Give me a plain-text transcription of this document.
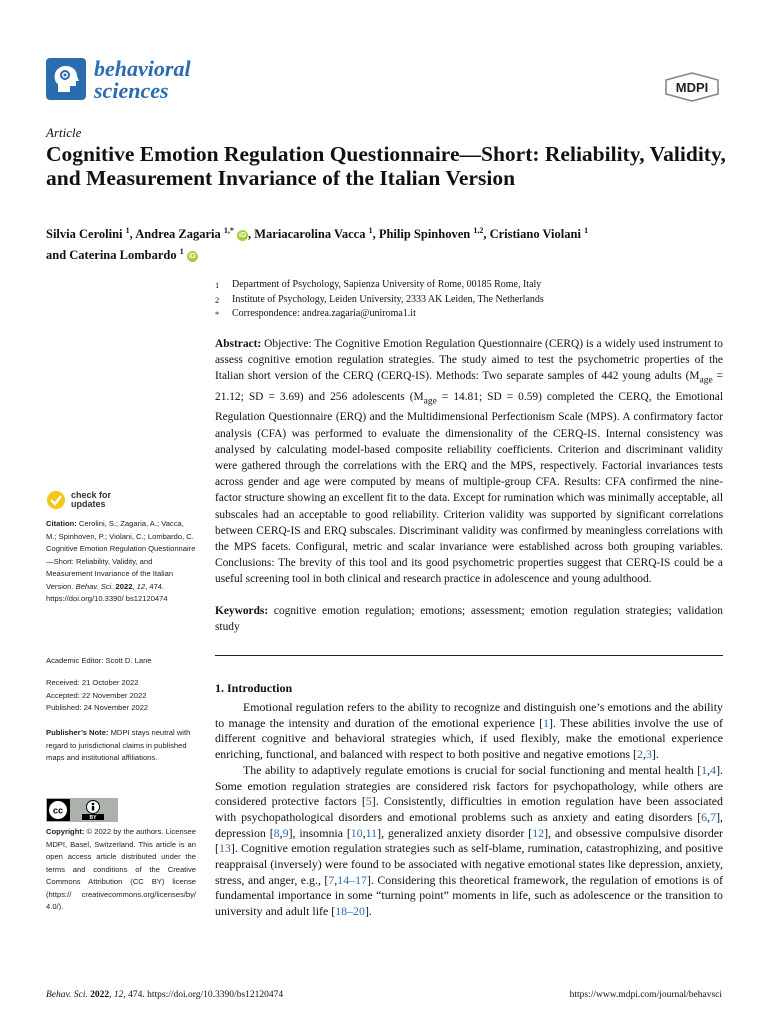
behavioral
sciences	MDPI
Article
Cognitive Emotion Regulation Questionnaire—Short: Reliability, Validity, and Measurement Invariance of the Italian Version
Silvia Cerolini $^1$, Andrea Zagaria $^{1,*}$ iD , Mariacarolina Vacca $^1$, Philip Spinhoven $^{1,2}$, Cristiano Violani $^1$
and Caterina Lombardo $^1$ iD
1	Department of Psychology, Sapienza University of Rome, 00185 Rome, Italy
2	Institute of Psychology, Leiden University, 2333 AK Leiden, The Netherlands
*	Correspondence: andrea.zagaria@uniroma1.it
Abstract: Objective: The Cognitive Emotion Regulation Questionnaire (CERQ) is a widely used instrument to assess cognitive emotion regulation strategies. The study aimed to test the psychometric properties of the Italian short version of the CERQ (CERQ-IS). Methods: Two separate samples of 442 young adults ($M_{age} = 21.12$; SD = 3.69) and 256 adolescents ($M_{age} = 14.81$; SD = 0.59) completed the CERQ, the Emotional Regulation Questionnaire (ERQ) and the Multidimensional Perfectionism Scale (MPS). A confirmatory factor analysis (CFA) was performed to evaluate the dimensionality of the CERQ-IS. Internal consistency was analysed by calculating model-based composite reliability coefficients. Criterion and discriminant validity were gathered through the correlations with the ERQ and the MPS, respectively. Factorial invariances tests across gender and age were computed by means of multiple-group CFA. Results: CFA confirmed the nine-factor structure showing an excellent fit to the data. Except for rumination which was minimally acceptable, all subscales had an acceptable to good reliability. Criterion validity was supported by significant correlations between CERQ-IS and ERQ subscales. Discriminant validity was confirmed by meaningless correlations with the MPS facets. Configural, metric and scalar invariance were established across both grouping variables. Conclusions: The brevity of this tool and its good psychometric properties suggest that CERQ-IS could be a useful screening tool in both clinical and research practice in adolescence and young adulthood.
Keywords: cognitive emotion regulation; emotions; assessment; emotion regulation strategies; validation study
1. Introduction

Emotional regulation refers to the ability to recognize and distinguish one’s emotions and the ability to manage the intensity and duration of the emotional experience [1]. These abilities involve the use of different cognitive and behavioral strategies which, if used flexibly, make the emotional experience enriching, functional, and balanced with respect to both positive and negative emotions [2,3].

The ability to adaptively regulate emotions is crucial for social functioning and mental health [1,4]. Some emotion regulation strategies are considered risk factors for psychopathology, while others are considered protective factors [5]. Consistently, difficulties in emotion regulation have been associated with psychopathological disorders and emotional problems such as anxiety and eating disorders [6,7], depression [8,9], insomnia [10,11], generalized anxiety disorder [12], and obsessive compulsive disorder [13]. Cognitive emotion regulation strategies such as self-blame, rumination, catastrophizing, and positive reappraisal (inversely) were found to be associated with negative emotional states like depression, anxiety, stress, and anger, e.g., [7,14–17]. Considering this theoretical framework, the regulation of emotions is of fundamental importance in some “turning point” moments in life, such as adolescence or the transition to university and adult life [18–20].

check for
updates
Citation: Cerolini, S.; Zagaria, A.; Vacca, M.; Spinhoven, P.; Violani, C.; Lombardo, C. Cognitive Emotion Regulation Questionnaire—Short: Reliability, Validity, and Measurement Invariance of the Italian Version. Behav. Sci. 2022, 12, 474. https://doi.org/10.3390/ bs12120474
Academic Editor: Scott D. Lane
Received: 21 October 2022
Accepted: 22 November 2022
Published: 24 November 2022
Publisher’s Note: MDPI stays neutral with regard to jurisdictional claims in published maps and institutional affiliations.
cc
BY
Copyright: © 2022 by the authors. Licensee MDPI, Basel, Switzerland. This article is an open access article distributed under the terms and conditions of the Creative Commons Attribution (CC BY) license (https:// creativecommons.org/licenses/by/ 4.0/).
Behav. Sci. 2022, 12, 474. https://doi.org/10.3390/bs12120474	https://www.mdpi.com/journal/behavsci
